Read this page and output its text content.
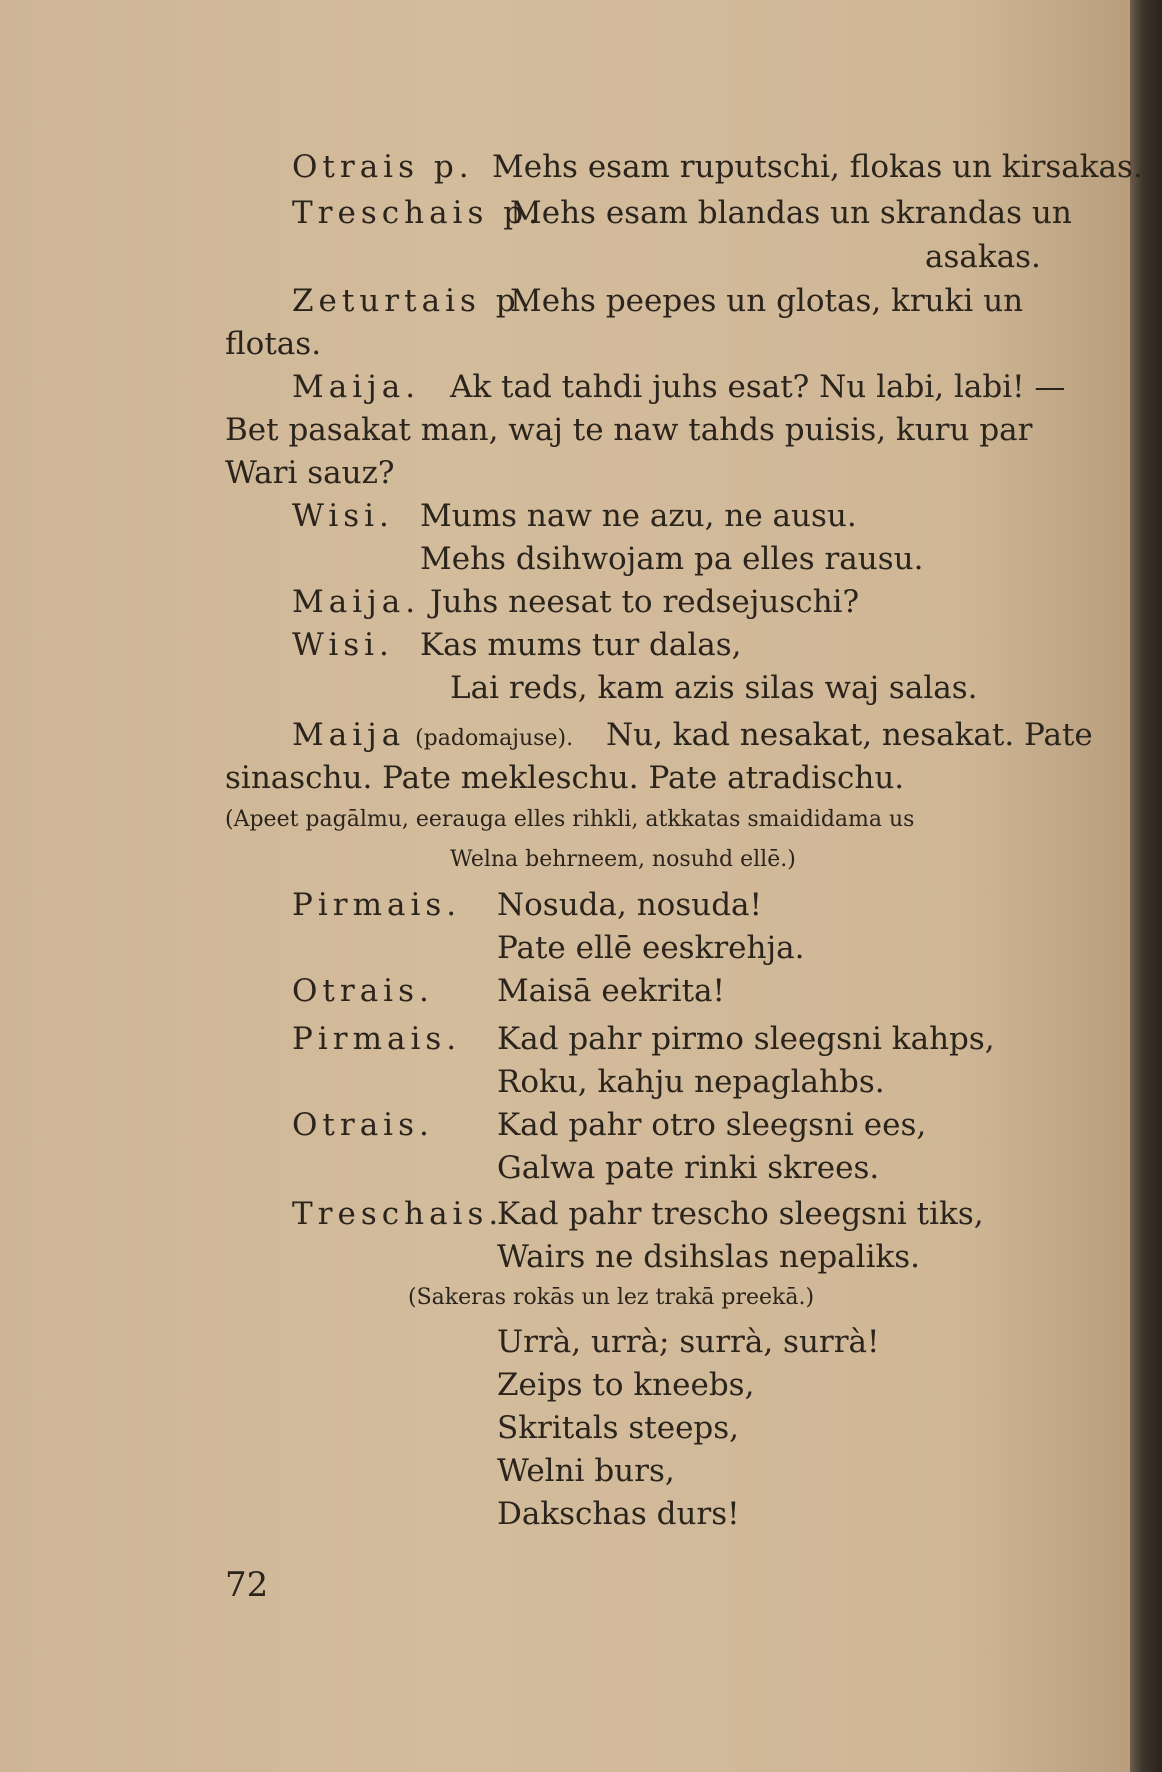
Otrais p. Mehs esam ruputschi, flokas un kirsakas.
Treschais p.
Mehs esam blandas un skrandas un
asakas.
Zeturtais p.
Mehs peepes un glotas, kruki un
flotas.
Maija. Ak tad tahdi juhs esat? Nu labi, labi! —
Bet pasakat man, waj te naw tahds puisis, kuru par
Wari sauz?
Wisi. Mums naw ne azu, ne ausu.
Mehs dsihwojam pa elles rausu.
Maija. Juhs neesat to redsejuschi?
Wisi. Kas mums tur dalas,
Lai reds, kam azis silas waj salas.
Maija (padomajuse). Nu, kad nesakat, nesakat. Pate
sinaschu. Pate mekleschu. Pate atradischu.
(Apeet pagālmu, eerauga elles rihkli, atkkatas smaididama us
Welna behrneem, nosuhd ellē.)
Pirmais. Nosuda, nosuda!
Pate ellē eeskrehja.
Otrais. Maisā eekrita!
Pirmais. Kad pahr pirmo sleegsni kahps,
Roku, kahju nepaglahbs.
Otrais. Kad pahr otro sleegsni ees,
Galwa pate rinki skrees.
Treschais.
Kad pahr trescho sleegsni tiks,
Wairs ne dsihslas nepaliks.
(Sakeras rokās un lez trakā preekā.)
Urrà, urrà; surrà, surrà!
Zeips to kneebs,
Skritals steeps,
Welni burs,
Dakschas durs!
72
